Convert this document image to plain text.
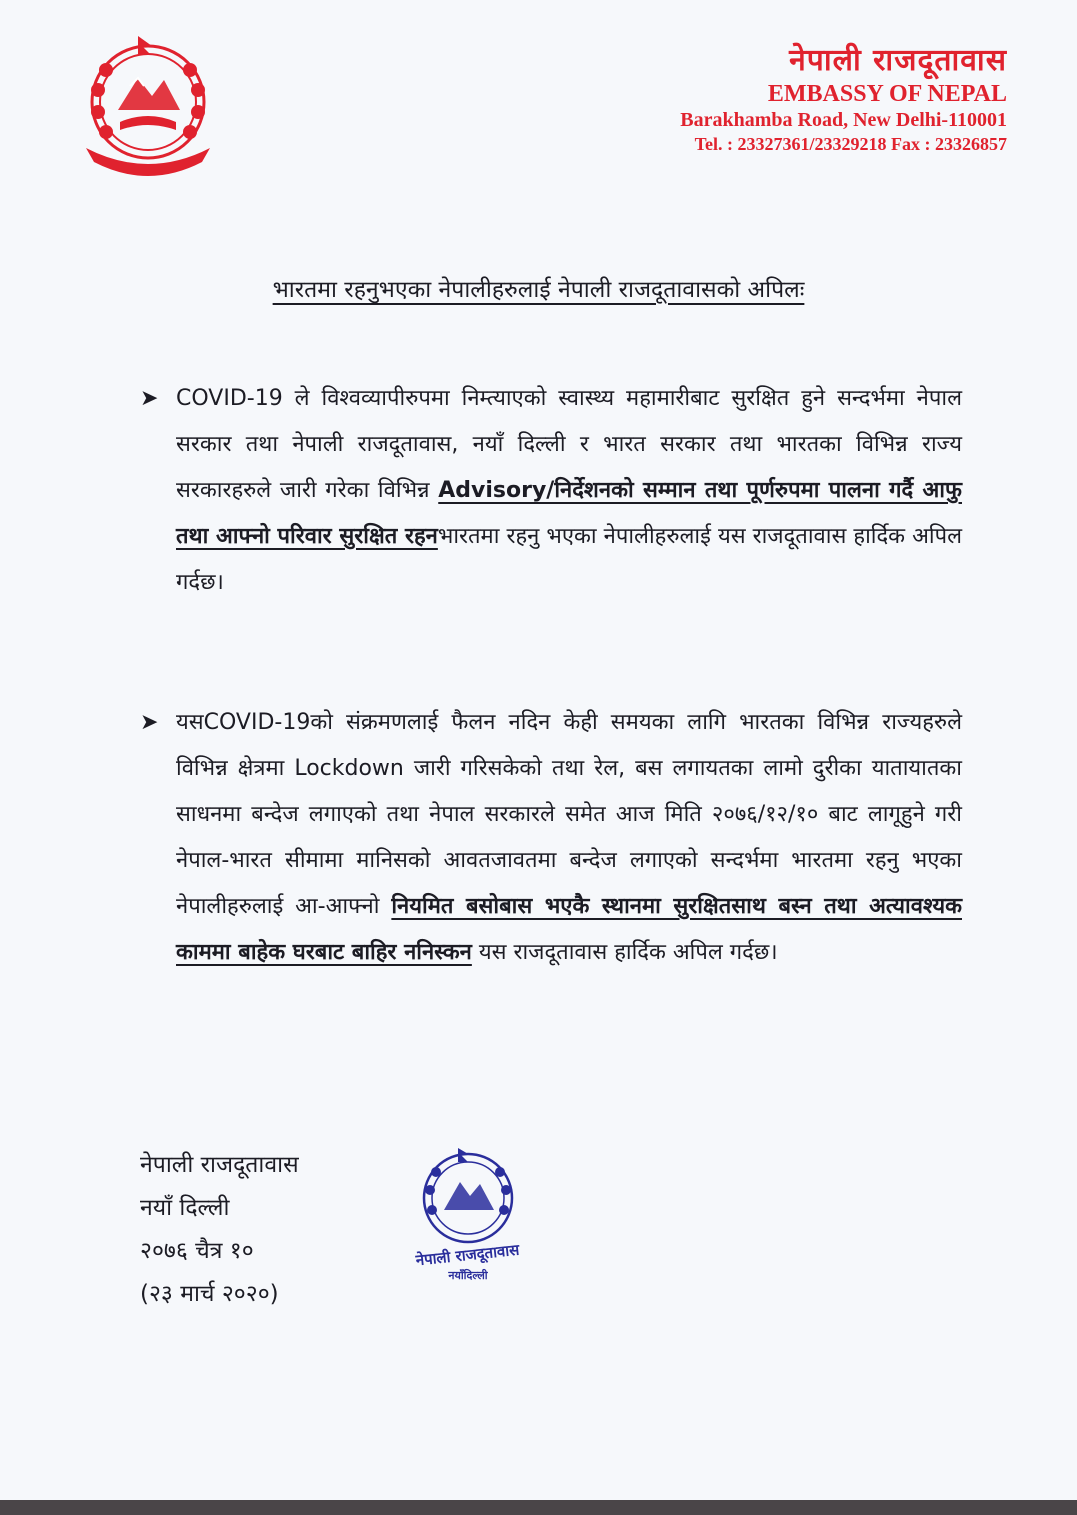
नेपाली राजदूतावास
EMBASSY OF NEPAL
Barakhamba Road, New Delhi-110001
Tel. : 23327361/23329218 Fax : 23326857
भारतमा रहनुभएका नेपालीहरुलाई नेपाली राजदूतावासको अपिलः
➤ COVID-19 ले विश्वव्यापीरुपमा निम्त्याएको स्वास्थ्य महामारीबाट सुरक्षित हुने सन्दर्भमा नेपाल सरकार तथा नेपाली राजदूतावास, नयाँ दिल्ली र भारत सरकार तथा भारतका विभिन्न राज्य सरकारहरुले जारी गरेका विभिन्न Advisory/निर्देशनको सम्मान तथा पूर्णरुपमा पालना गर्दै आफु तथा आफ्नो परिवार सुरक्षित रहनभारतमा रहनु भएका नेपालीहरुलाई यस राजदूतावास हार्दिक अपिल गर्दछ।
➤ यसCOVID-19को संक्रमणलाई फैलन नदिन केही समयका लागि भारतका विभिन्न राज्यहरुले विभिन्न क्षेत्रमा Lockdown जारी गरिसकेको तथा रेल, बस लगायतका लामो दुरीका यातायातका साधनमा बन्देज लगाएको तथा नेपाल सरकारले समेत आज मिति २०७६/१२/१० बाट लागूहुने गरी नेपाल-भारत सीमामा मानिसको आवतजावतमा बन्देज लगाएको सन्दर्भमा भारतमा रहनु भएका नेपालीहरुलाई आ-आफ्नो नियमित बसोबास भएकै स्थानमा सुरक्षितसाथ बस्न तथा अत्यावश्यक काममा बाहेक घरबाट बाहिर ननिस्कन यस राजदूतावास हार्दिक अपिल गर्दछ।
नेपाली राजदूतावास
नयाँ दिल्ली
२०७६ चैत्र १०
(२३ मार्च २०२०)
नेपाली राजदूतावास
नयाँदिल्ली
